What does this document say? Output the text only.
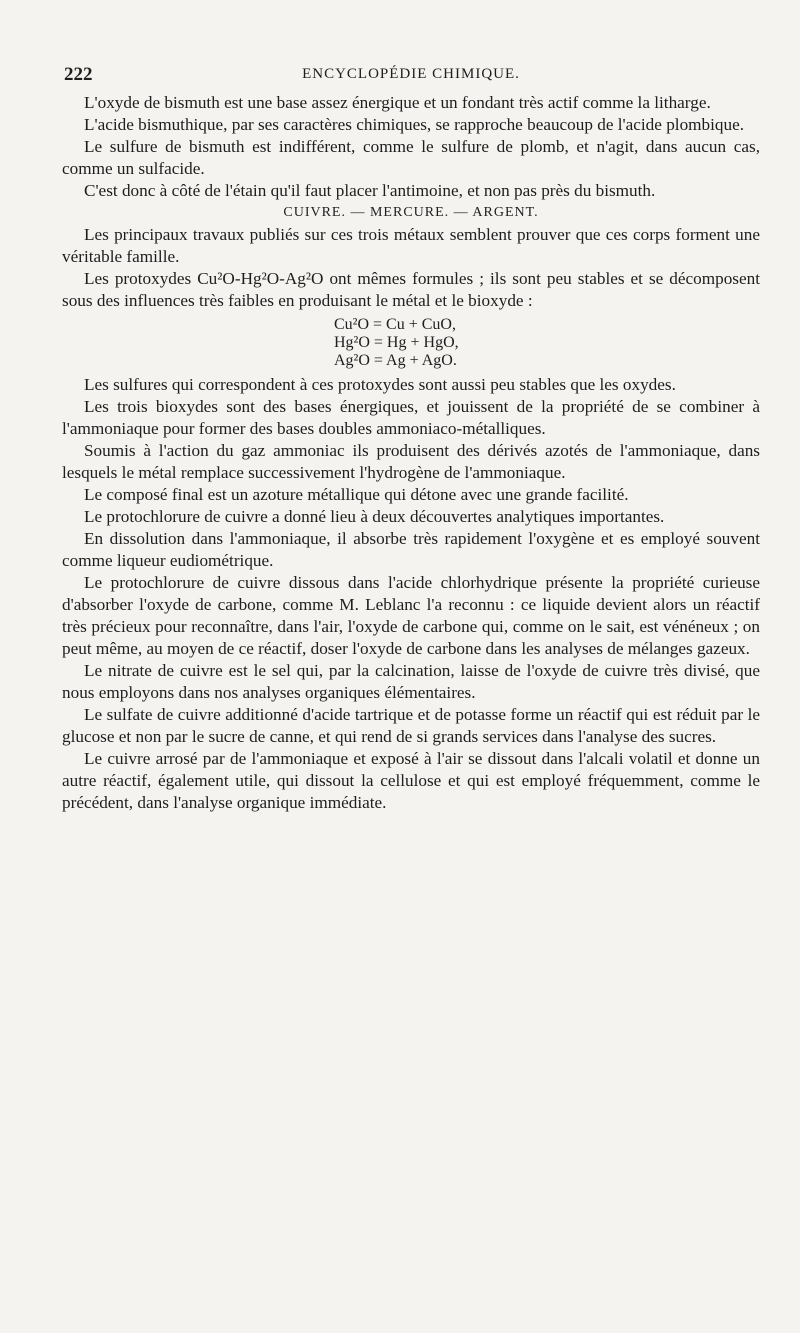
222	ENCYCLOPÉDIE CHIMIQUE.

L'oxyde de bismuth est une base assez énergique et un fondant très actif comme la litharge.

L'acide bismuthique, par ses caractères chimiques, se rapproche beaucoup de l'acide plombique.

Le sulfure de bismuth est indifférent, comme le sulfure de plomb, et n'agit, dans aucun cas, comme un sulfacide.

C'est donc à côté de l'étain qu'il faut placer l'antimoine, et non pas près du bismuth.

CUIVRE. — MERCURE. — ARGENT.

Les principaux travaux publiés sur ces trois métaux semblent prouver que ces corps forment une véritable famille.

Les protoxydes Cu²O-Hg²O-Ag²O ont mêmes formules ; ils sont peu stables et se décomposent sous des influences très faibles en produisant le métal et le bioxyde :

Cu²O = Cu + CuO,
Hg²O = Hg + HgO,
Ag²O = Ag + AgO.

Les sulfures qui correspondent à ces protoxydes sont aussi peu stables que les oxydes.

Les trois bioxydes sont des bases énergiques, et jouissent de la propriété de se combiner à l'ammoniaque pour former des bases doubles ammoniaco-métalliques.

Soumis à l'action du gaz ammoniac ils produisent des dérivés azotés de l'ammoniaque, dans lesquels le métal remplace successivement l'hydrogène de l'ammoniaque.

Le composé final est un azoture métallique qui détone avec une grande facilité.

Le protochlorure de cuivre a donné lieu à deux découvertes analytiques importantes.

En dissolution dans l'ammoniaque, il absorbe très rapidement l'oxygène et es employé souvent comme liqueur eudiométrique.

Le protochlorure de cuivre dissous dans l'acide chlorhydrique présente la propriété curieuse d'absorber l'oxyde de carbone, comme M. Leblanc l'a reconnu : ce liquide devient alors un réactif très précieux pour reconnaître, dans l'air, l'oxyde de carbone qui, comme on le sait, est vénéneux ; on peut même, au moyen de ce réactif, doser l'oxyde de carbone dans les analyses de mélanges gazeux.

Le nitrate de cuivre est le sel qui, par la calcination, laisse de l'oxyde de cuivre très divisé, que nous employons dans nos analyses organiques élémentaires.

Le sulfate de cuivre additionné d'acide tartrique et de potasse forme un réactif qui est réduit par le glucose et non par le sucre de canne, et qui rend de si grands services dans l'analyse des sucres.

Le cuivre arrosé par de l'ammoniaque et exposé à l'air se dissout dans l'alcali volatil et donne un autre réactif, également utile, qui dissout la cellulose et qui est employé fréquemment, comme le précédent, dans l'analyse organique immédiate.
